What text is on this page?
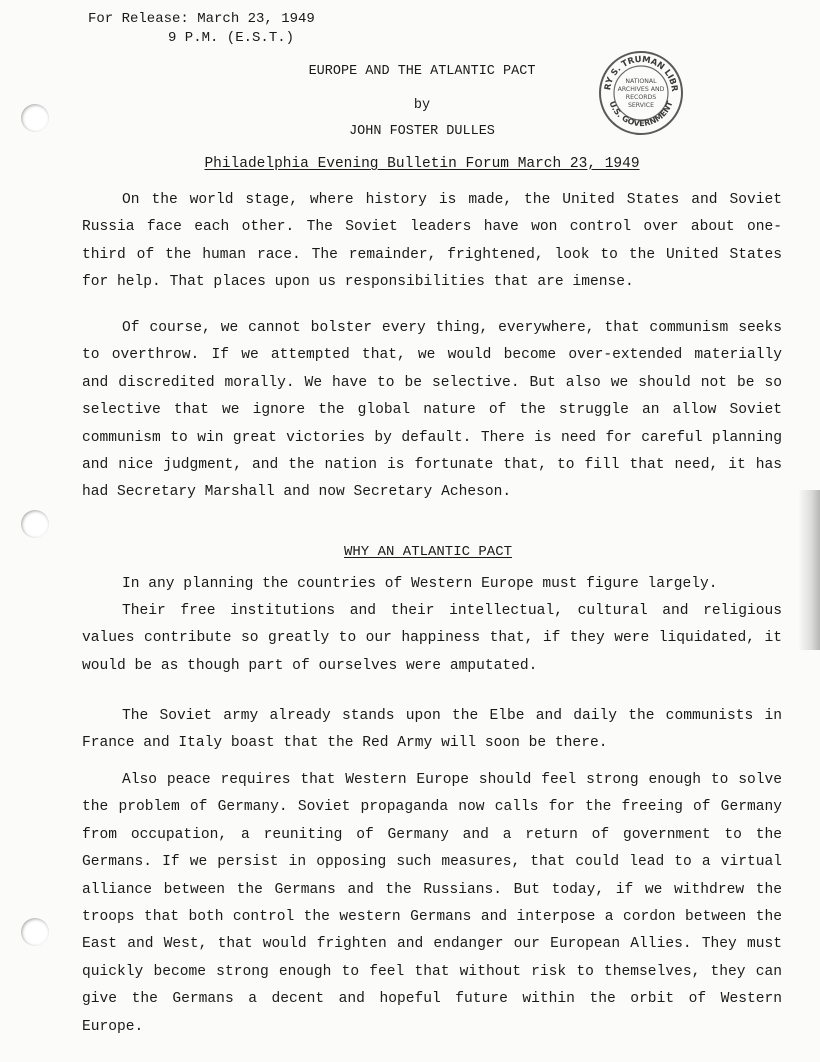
For Release: March 23, 1949
9 P.M. (E.S.T.)
RY S. TRUMAN LIBR
U.S. GOVERNMENT
NATIONAL
ARCHIVES AND
RECORDS
SERVICE
EUROPE AND THE ATLANTIC PACT
by
JOHN FOSTER DULLES
Philadelphia Evening Bulletin Forum March 23, 1949

On the world stage, where history is made, the United States and Soviet Russia face each other. The Soviet leaders have won control over about one-third of the human race. The remainder, frightened, look to the United States for help. That places upon us responsibilities that are imense.

Of course, we cannot bolster every thing, everywhere, that communism seeks to overthrow. If we attempted that, we would become over-extended materially and discredited morally. We have to be selective. But also we should not be so selective that we ignore the global nature of the struggle an allow Soviet communism to win great victories by default. There is need for careful planning and nice judgment, and the nation is fortunate that, to fill that need, it has had Secretary Marshall and now Secretary Acheson.

WHY AN ATLANTIC PACT

In any planning the countries of Western Europe must figure largely.

Their free institutions and their intellectual, cultural and religious values contribute so greatly to our happiness that, if they were liquidated, it would be as though part of ourselves were amputated.

The Soviet army already stands upon the Elbe and daily the communists in France and Italy boast that the Red Army will soon be there.

Also peace requires that Western Europe should feel strong enough to solve the problem of Germany. Soviet propaganda now calls for the freeing of Germany from occupation, a reuniting of Germany and a return of government to the Germans. If we persist in opposing such measures, that could lead to a virtual alliance between the Germans and the Russians. But today, if we withdrew the troops that both control the western Germans and interpose a cordon between the East and West, that would frighten and endanger our European Allies. They must quickly become strong enough to feel that without risk to themselves, they can give the Germans a decent and hopeful future within the orbit of Western Europe.
